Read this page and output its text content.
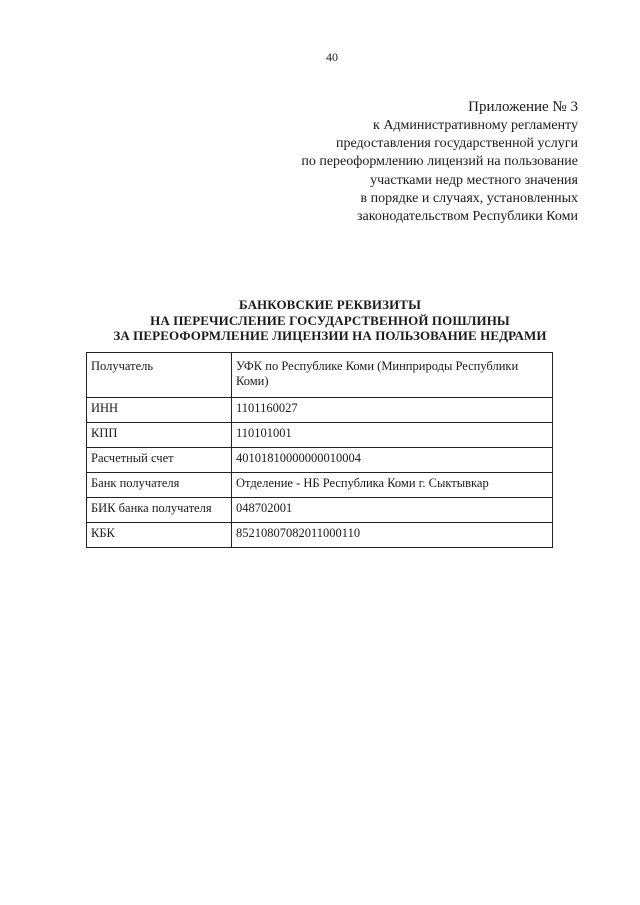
40
Приложение № 3
к Административному регламенту
предоставления государственной услуги
по переоформлению лицензий на пользование
участками недр местного значения
в порядке и случаях, установленных
законодательством Республики Коми
БАНКОВСКИЕ РЕКВИЗИТЫ
НА ПЕРЕЧИСЛЕНИЕ ГОСУДАРСТВЕННОЙ ПОШЛИНЫ
ЗА ПЕРЕОФОРМЛЕНИЕ ЛИЦЕНЗИИ НА ПОЛЬЗОВАНИЕ НЕДРАМИ
Получатель	УФК по Республике Коми (Минприроды Республики Коми)
ИНН	1101160027
КПП	110101001
Расчетный счет	40101810000000010004
Банк получателя	Отделение - НБ Республика Коми г. Сыктывкар
БИК банка получателя	048702001
КБК	85210807082011000110
